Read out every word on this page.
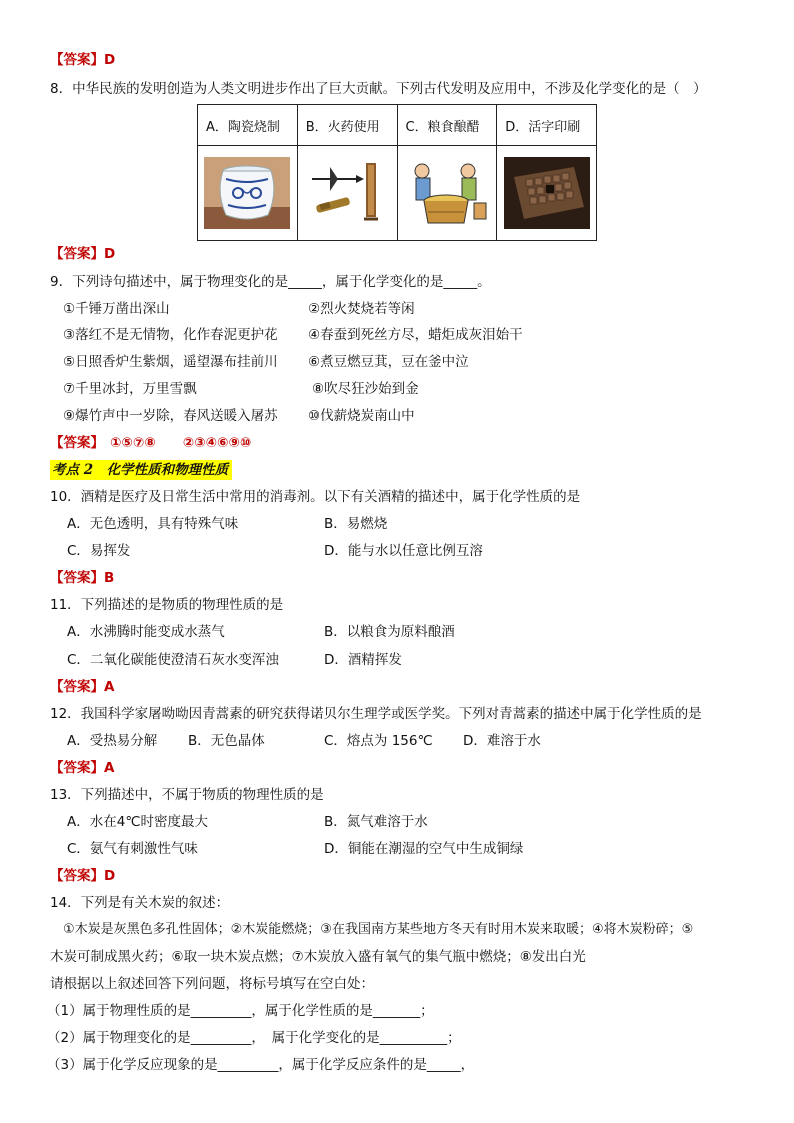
【答案】D
8．中华民族的发明创造为人类文明进步作出了巨大贡献。下列古代发明及应用中，不涉及化学变化的是（　）
A．陶瓷烧制	B．火药使用	C．粮食酿醋	D．活字印刷

【答案】D
9．下列诗句描述中，属于物理变化的是_____，属于化学变化的是_____。
①千锤万凿出深山	②烈火焚烧若等闲
③落红不是无情物，化作春泥更护花 ④春蚕到死丝方尽，蜡炬成灰泪始干
⑤日照香炉生紫烟，遥望瀑布挂前川 ⑥煮豆燃豆萁，豆在釜中泣
⑦千里冰封，万里雪飘	⑧吹尽狂沙始到金
⑨爆竹声中一岁除，春风送暖入屠苏 ⑩伐薪烧炭南山中
【答案】 ①⑤⑦⑧　　②③④⑥⑨⑩
考点 2　化学性质和物理性质
10．酒精是医疗及日常生活中常用的消毒剂。以下有关酒精的描述中，属于化学性质的是
A．无色透明，具有特殊气味	B．易燃烧
C．易挥发	D．能与水以任意比例互溶
【答案】B
11．下列描述的是物质的物理性质的是
A．水沸腾时能变成水蒸气	B．以粮食为原料酿酒
C．二氧化碳能使澄清石灰水变浑浊	D．酒精挥发
【答案】A
12．我国科学家屠呦呦因青蒿素的研究获得诺贝尔生理学或医学奖。下列对青蒿素的描述中属于化学性质的是
A．受热易分解 B．无色晶体	C．熔点为 156℃ D．难溶于水
【答案】A
13．下列描述中，不属于物质的物理性质的是
A．水在4℃时密度最大	B．氮气难溶于水
C．氨气有刺激性气味	D．铜能在潮湿的空气中生成铜绿
【答案】D
14．下列是有关木炭的叙述：
①木炭是灰黑色多孔性固体；②木炭能燃烧；③在我国南方某些地方冬天有时用木炭来取暖；④将木炭粉碎；⑤
木炭可制成黑火药；⑥取一块木炭点燃；⑦木炭放入盛有氧气的集气瓶中燃烧；⑧发出白光
请根据以上叙述回答下列问题，将标号填写在空白处：
（1）属于物理性质的是_________，属于化学性质的是_______；
（2）属于物理变化的是_________，　属于化学变化的是__________；
（3）属于化学反应现象的是_________，属于化学反应条件的是_____，
